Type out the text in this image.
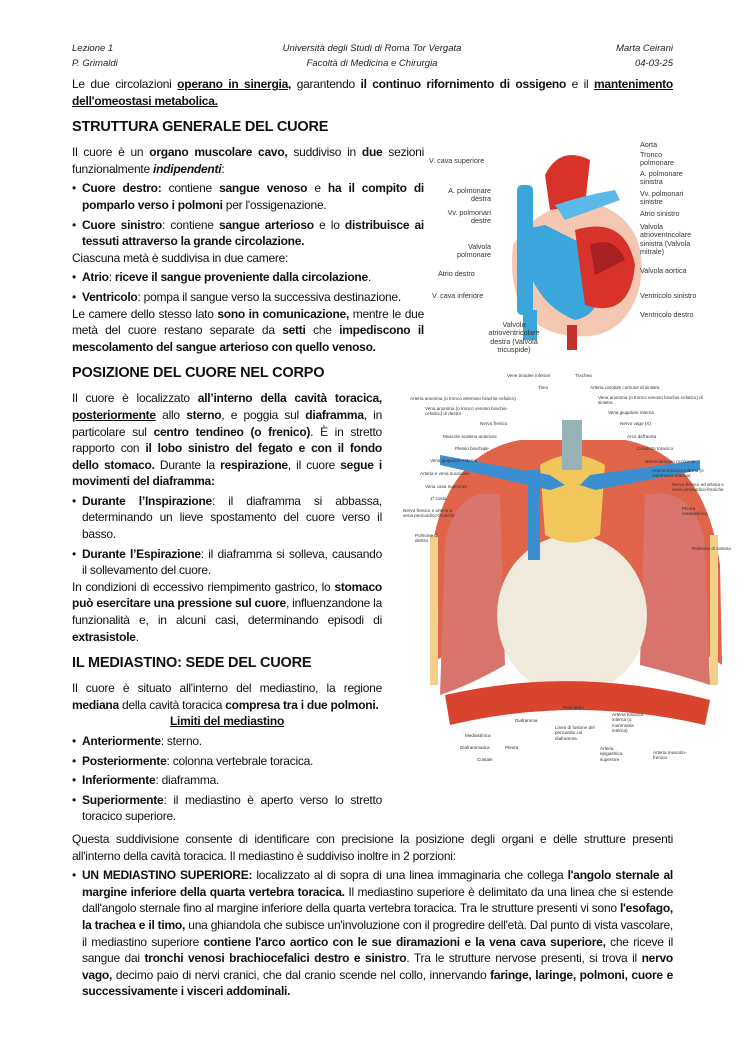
Lezione 1
P. Grimaldi
Università degli Studi di Roma Tor Vergata
Facoltà di Medicina e Chirurgia
Marta Ceirani
04-03-25

Le due circolazioni operano in sinergia, garantendo il continuo rifornimento di ossigeno e il mantenimento dell'omeostasi metabolica.

STRUTTURA GENERALE DEL CUORE

Il cuore è un organo muscolare cavo, suddiviso in due sezioni funzionalmente indipendenti:

• Cuore destro: contiene sangue venoso e ha il compito di pomparlo verso i polmoni per l'ossigenazione.

• Cuore sinistro: contiene sangue arterioso e lo distribuisce ai tessuti attraverso la grande circolazione.

Ciascuna metà è suddivisa in due camere:

• Atrio: riceve il sangue proveniente dalla circolazione.

• Ventricolo: pompa il sangue verso la successiva destinazione.

Le camere dello stesso lato sono in comunicazione, mentre le due metà del cuore restano separate da setti che impediscono il mescolamento del sangue arterioso con quello venoso.

POSIZIONE DEL CUORE NEL CORPO

Il cuore è localizzato all’interno della cavità toracica, posteriormente allo sterno, e poggia sul diaframma, in particolare sul centro tendineo (o frenico). È in stretto rapporto con il lobo sinistro del fegato e con il fondo dello stomaco. Durante la respirazione, il cuore segue i movimenti del diaframma:

• Durante l’Inspirazione: il diaframma si abbassa, determinando un lieve spostamento del cuore verso il basso.

• Durante l’Espirazione: il diaframma si solleva, causando il sollevamento del cuore.

In condizioni di eccessivo riempimento gastrico, lo stomaco può esercitare una pressione sul cuore, influenzandone la funzionalità e, in alcuni casi, determinando episodi di extrasistole.

IL MEDIASTINO: SEDE DEL CUORE

Il cuore è situato all'interno del mediastino, la regione mediana della cavità toracica compresa tra i due polmoni.

Limiti del mediastino

• Anteriormente: sterno.

• Posteriormente: colonna vertebrale toracica.

• Inferiormente: diaframma.

• Superiormente: il mediastino è aperto verso lo stretto toracico superiore.

Questa suddivisione consente di identificare con precisione la posizione degli organi e delle strutture presenti all'interno della cavità toracica. Il mediastino è suddiviso inoltre in 2 porzioni:

• UN MEDIASTINO SUPERIORE: localizzato al di sopra di una linea immaginaria che collega l'angolo sternale al margine inferiore della quarta vertebra toracica. Il mediastino superiore è delimitato da una linea che si estende dall'angolo sternale fino al margine inferiore della quarta vertebra toracica. Tra le strutture presenti vi sono l'esofago, la trachea e il timo, una ghiandola che subisce un'involuzione con il progredire dell'età. Dal punto di vista vascolare, il mediastino superiore contiene l'arco aortico con le sue diramazioni e la vena cava superiore, che riceve il sangue dai tronchi venosi brachiocefalici destro e sinistro. Tra le strutture nervose presenti, si trova il nervo vago, decimo paio di nervi cranici, che dal cranio scende nel collo, innervando faringe, laringe, polmoni, cuore e successivamente i visceri addominali.

V. cava superiore
A. polmonare destra
Vv. polmonari destre
Valvola polmonare
Atrio destro
V. cava inferiore
Valvola atrioventricolare destra (Valvola tricuspide)
Aorta
Tronco polmonare
A. polmonare sinistra
Vv. polmonari sinistre
Atrio sinistro
Valvola atrioventricolare sinistra (Valvola mitrale)
Valvola aortica
Ventricolo sinistro
Ventricolo destro
Vene tiroidee inferiori	Trachea
Timo	Arteria carotide comune di sinistra
Arteria anonima (o tronco arterioso brachio-cefalico)	Vena anonima (o tronco venoso brachio-cefalico) di sinistra
Vena anonima (o tronco venoso brachio-cefalico) di destra	Vena giugulare interna
Nervo frenico	Nervo vago (X)
Muscolo scaleno anteriore	Arco dell'aorta
Plesso brachiale	Condotto toracico
Vena giugulare esterna	Nervo laringeo ricorrente
Arteria e vena succlavie
Arteria toracica interna (o mammaria interna)
Vena cava superiore	Nervo frenico ed arteria e vena pericardico-freniche
1ª costa
Nervo frenico e arteria e vena pericardico-freniche
Pleura mediastinica
Polmone di destra
Polmone di sinistra
Pericardio
Diaframma
Linea di fusione del pericardio col diaframma
Arteria toracica interna (o mammaria interna)
Mediastinica
Diaframmatica
Costale
Pleura	Arteria epigastrica superiore
Arteria muscolo-frenica
